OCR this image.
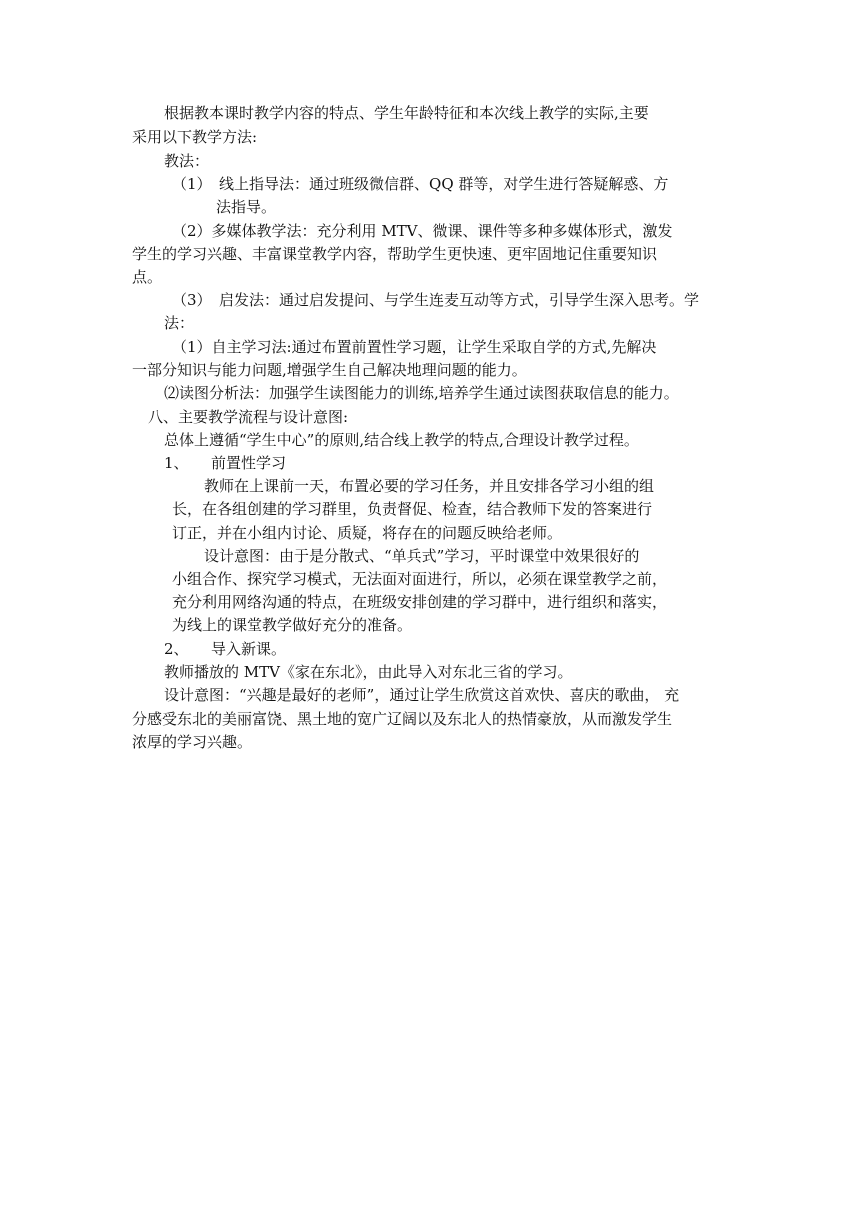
根据教本课时教学内容的特点、学生年龄特征和本次线上教学的实际,主要
采用以下教学方法:
教法：
（1）　线上指导法：通过班级微信群、QQ 群等，对学生进行答疑解惑、方
法指导。
（2）多媒体教学法：充分利用 MTV、微课、课件等多种多媒体形式，激发
学生的学习兴趣、丰富课堂教学内容，帮助学生更快速、更牢固地记住重要知识
点。
（3）　启发法：通过启发提问、与学生连麦互动等方式，引导学生深入思考。学
法：
（1）自主学习法:通过布置前置性学习题，让学生采取自学的方式,先解决
一部分知识与能力问题,增强学生自己解决地理问题的能力。
⑵读图分析法：加强学生读图能力的训练,培养学生通过读图获取信息的能力。
八、主要教学流程与设计意图:
总体上遵循“学生中心”的原则,结合线上教学的特点,合理设计教学过程。
1、　　前置性学习
教师在上课前一天，布置必要的学习任务，并且安排各学习小组的组
长，在各组创建的学习群里，负责督促、检查，结合教师下发的答案进行
订正，并在小组内讨论、质疑，将存在的问题反映给老师。
设计意图：由于是分散式、“单兵式”学习，平时课堂中效果很好的
小组合作、探究学习模式，无法面对面进行，所以，必须在课堂教学之前，
充分利用网络沟通的特点，在班级安排创建的学习群中，进行组织和落实，
为线上的课堂教学做好充分的准备。
2、　　导入新课。
教师播放的 MTV《家在东北》，由此导入对东北三省的学习。
设计意图：“兴趣是最好的老师”，通过让学生欣赏这首欢快、喜庆的歌曲， 充
分感受东北的美丽富饶、黑土地的宽广辽阔以及东北人的热情豪放，从而激发学生
浓厚的学习兴趣。
